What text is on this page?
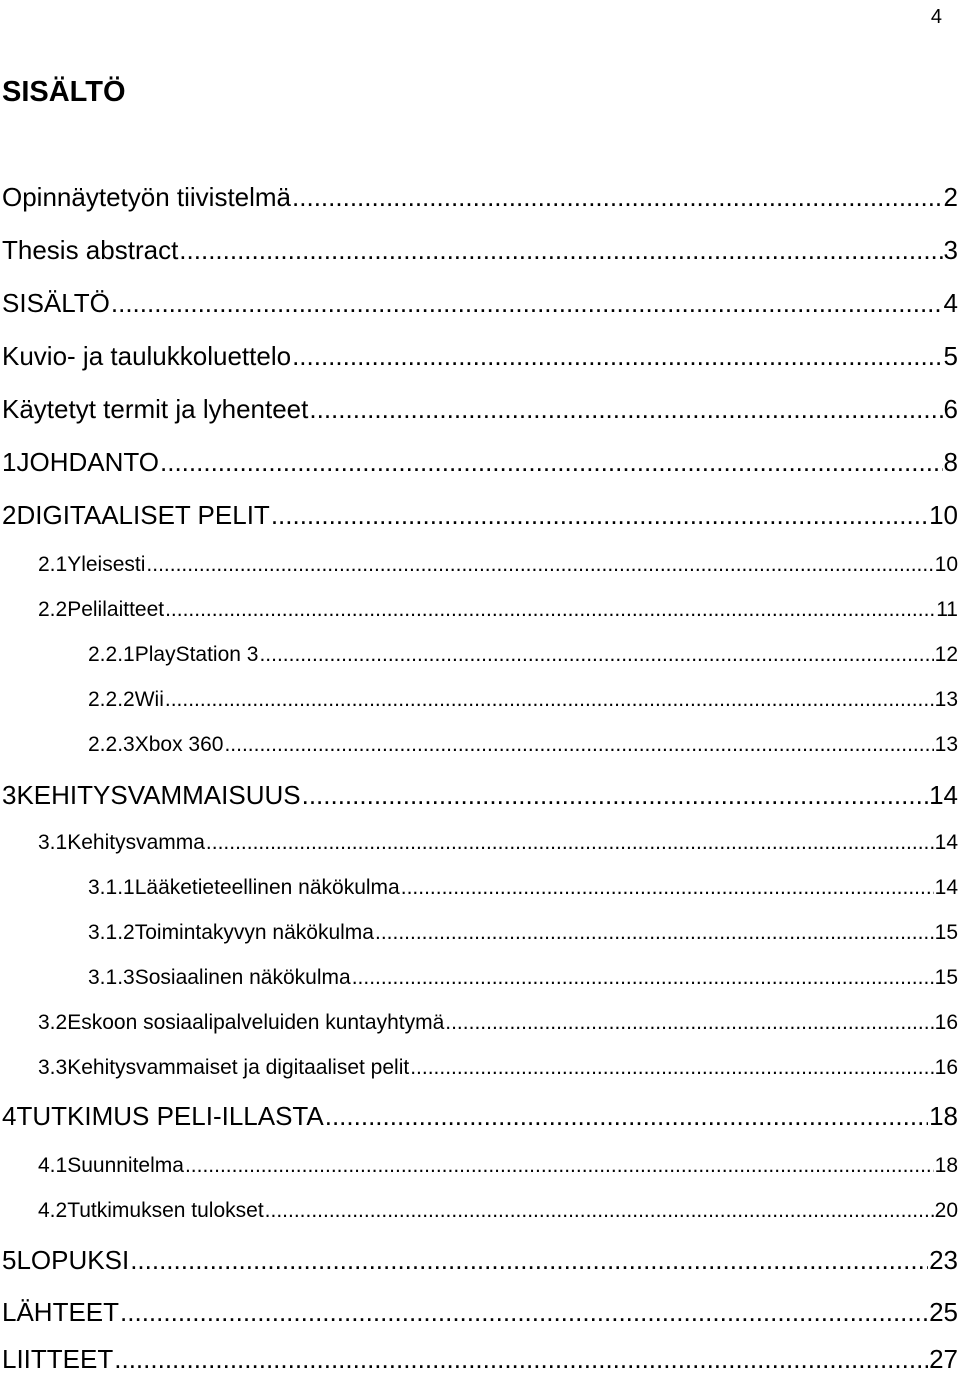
4
SISÄLTÖ
Opinnäytetyön tiivistelmä .....	2
Thesis abstract .....	3
SISÄLTÖ .....	4
Kuvio- ja taulukkoluettelo .....	5
Käytetyt termit ja lyhenteet .....	6
1 JOHDANTO .....	8
2 DIGITAALISET PELIT .....	10
2.1 Yleisesti .....	10
2.2 Pelilaitteet .....	11
2.2.1 PlayStation 3 .....	12
2.2.2 Wii .....	13
2.2.3 Xbox 360 .....	13
3 KEHITYSVAMMAISUUS .....	14
3.1 Kehitysvamma .....	14
3.1.1 Lääketieteellinen näkökulma .....	14
3.1.2 Toimintakyvyn näkökulma .....	15
3.1.3 Sosiaalinen näkökulma .....	15
3.2 Eskoon sosiaalipalveluiden kuntayhtymä .....	16
3.3 Kehitysvammaiset ja digitaaliset pelit .....	16
4 TUTKIMUS PELI-ILLASTA .....	18
4.1 Suunnitelma .....	18
4.2 Tutkimuksen tulokset .....	20
5 LOPUKSI .....	23
LÄHTEET .....	25
LIITTEET .....	27
